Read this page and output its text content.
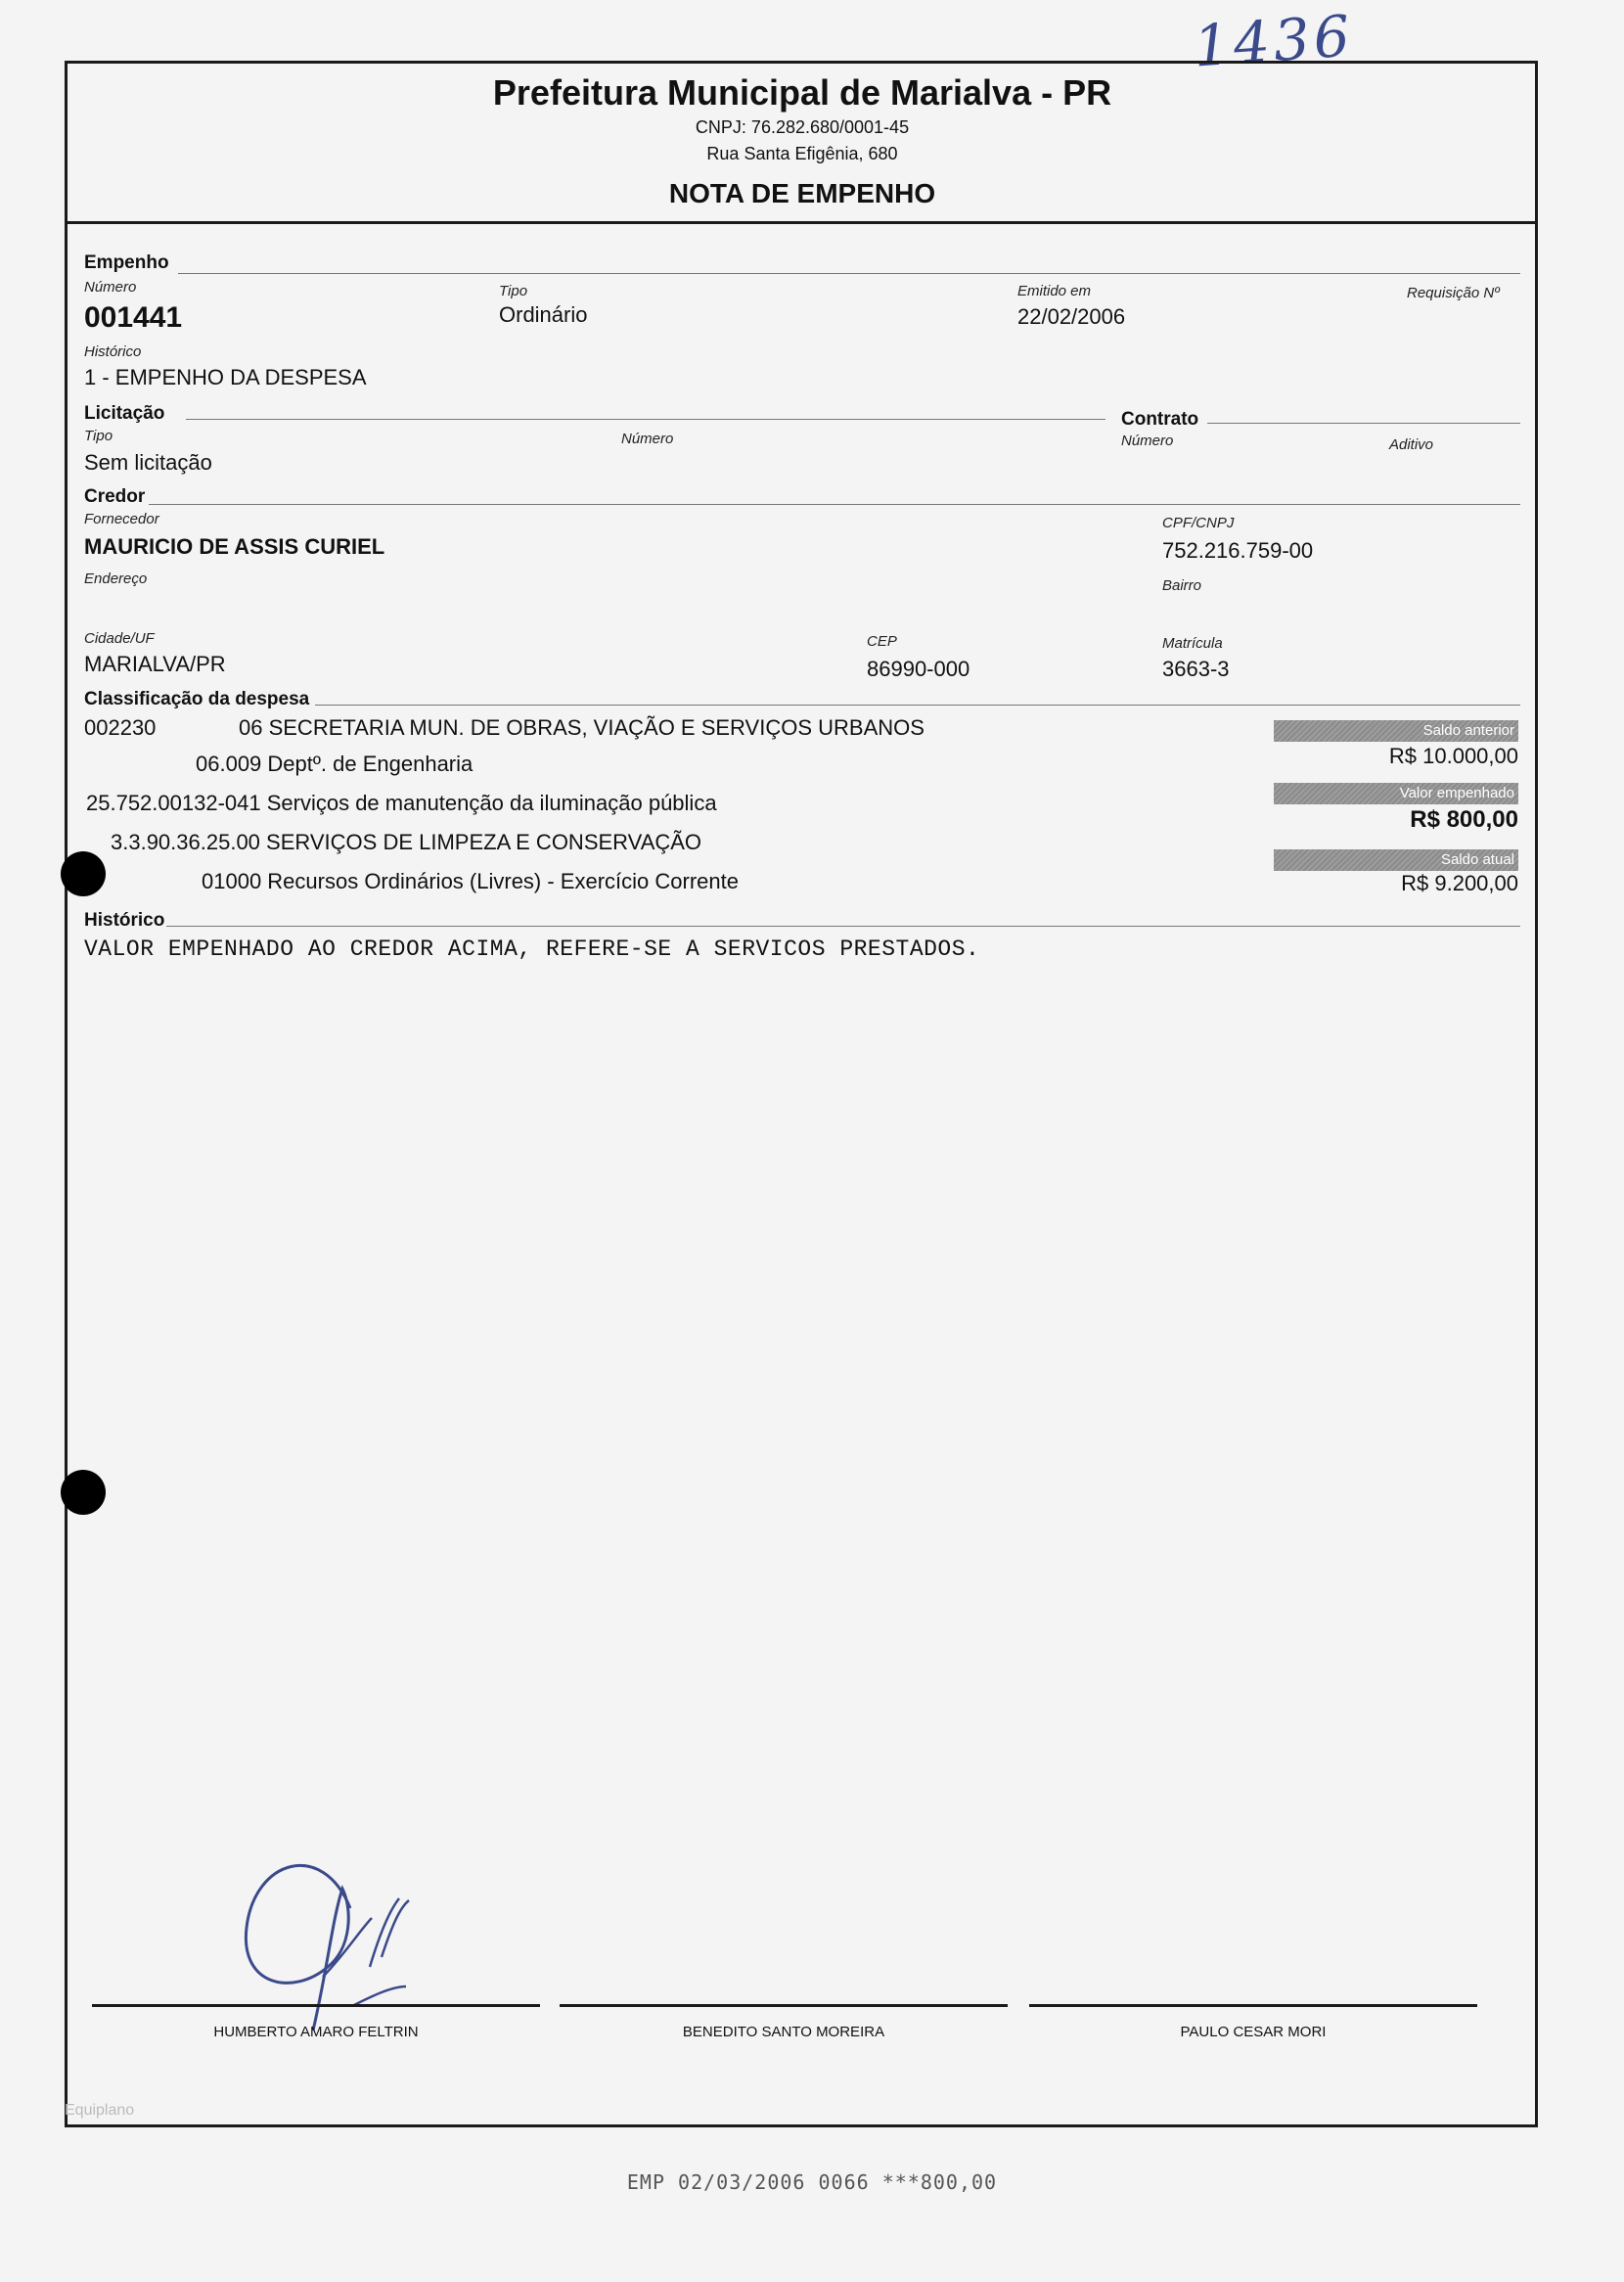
1436
Prefeitura Municipal de Marialva - PR
CNPJ: 76.282.680/0001-45
Rua Santa Efigênia, 680
NOTA DE EMPENHO
Empenho
Número
001441
Tipo
Ordinário
Emitido em
22/02/2006
Requisição Nº
Histórico
1 - EMPENHO DA DESPESA
Licitação	Contrato
Tipo
Sem licitação
Número	Número	Aditivo
Credor
Fornecedor
MAURICIO DE ASSIS CURIEL
CPF/CNPJ
752.216.759-00
Endereço	Bairro
Cidade/UF
MARIALVA/PR
CEP
86990-000
Matrícula
3663-3
Classificação da despesa
002230	06 SECRETARIA MUN. DE OBRAS, VIAÇÃO E SERVIÇOS URBANOS
06.009 Deptº. de Engenharia
25.752.00132-041 Serviços de manutenção da iluminação pública
3.3.90.36.25.00 SERVIÇOS DE LIMPEZA E CONSERVAÇÃO
01000 Recursos Ordinários (Livres) - Exercício Corrente
Saldo anterior
R$ 10.000,00
Valor empenhado
R$ 800,00
Saldo atual
R$ 9.200,00
Histórico
VALOR EMPENHADO AO CREDOR ACIMA, REFERE-SE A SERVICOS PRESTADOS.
HUMBERTO AMARO FELTRIN	BENEDITO SANTO MOREIRA	PAULO CESAR MORI
Equiplano
EMP 02/03/2006 0066 ***800,00
